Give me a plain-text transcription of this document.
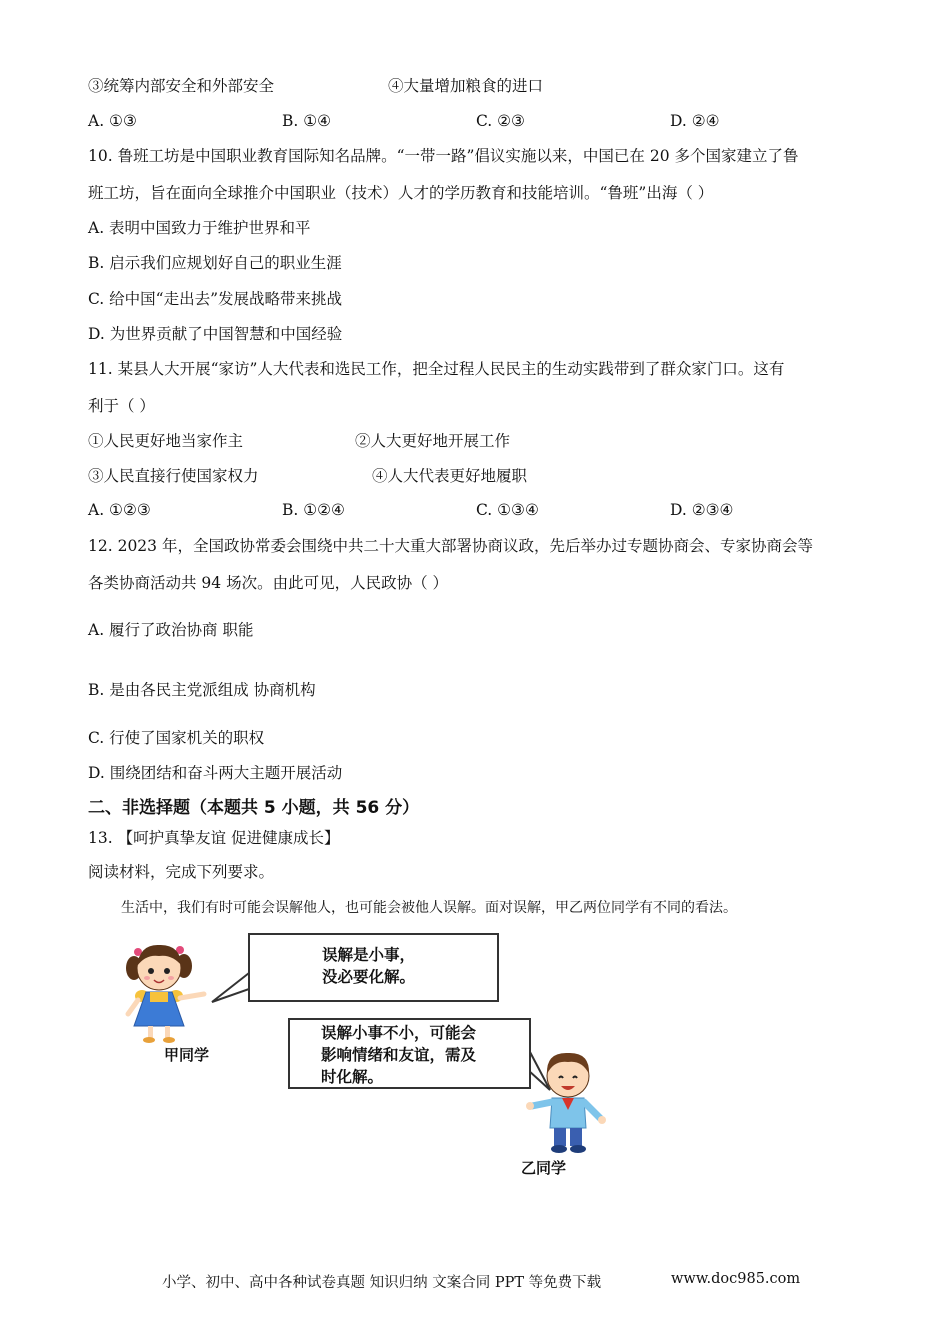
③统筹内部安全和外部安全	④大量增加粮食的进口
A. ①③	B. ①④	C. ②③	D. ②④
10. 鲁班工坊是中国职业教育国际知名品牌。“一带一路”倡议实施以来，中国已在 20 多个国家建立了鲁
班工坊，旨在面向全球推介中国职业（技术）人才的学历教育和技能培训。“鲁班”出海（ ）
A. 表明中国致力于维护世界和平
B. 启示我们应规划好自己的职业生涯
C. 给中国“走出去”发展战略带来挑战
D. 为世界贡献了中国智慧和中国经验
11. 某县人大开展“家访”人大代表和选民工作，把全过程人民民主的生动实践带到了群众家门口。这有
利于（ ）
①人民更好地当家作主	②人大更好地开展工作
③人民直接行使国家权力	④人大代表更好地履职
A. ①②③	B. ①②④	C. ①③④	D. ②③④
12. 2023 年，全国政协常委会围绕中共二十大重大部署协商议政，先后举办过专题协商会、专家协商会等
各类协商活动共 94 场次。由此可见，人民政协（ ）
A. 履行了政治协商 职能
B. 是由各民主党派组成 协商机构
C. 行使了国家机关的职权
D. 围绕团结和奋斗两大主题开展活动
二、非选择题（本题共 5 小题，共 56 分）
13. 【呵护真挚友谊 促进健康成长】
阅读材料，完成下列要求。
生活中，我们有时可能会误解他人，也可能会被他人误解。面对误解，甲乙两位同学有不同的看法。
误解是小事，
没必要化解。
误解小事不小，可能会
影响情绪和友谊，需及
时化解。
甲同学
乙同学
小学、初中、高中各种试卷真题 知识归纳 文案合同 PPT 等免费下载	www.doc985.com
